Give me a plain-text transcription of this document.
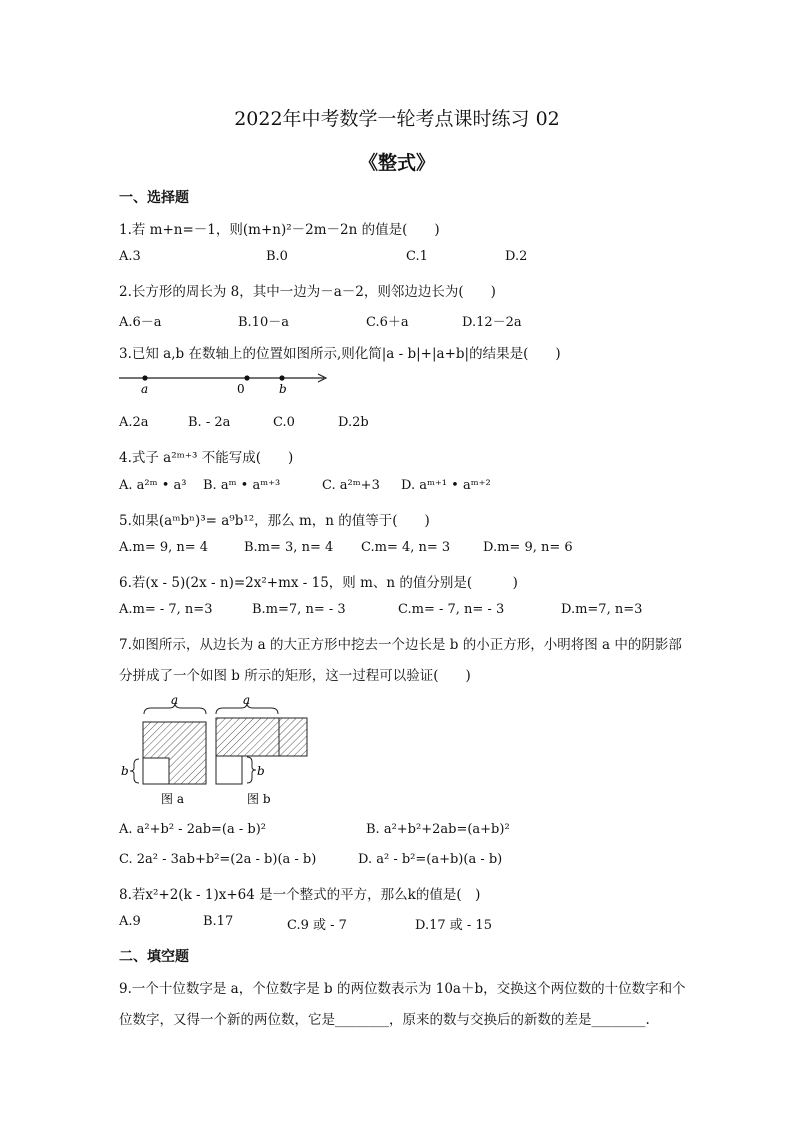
2022年中考数学一轮考点课时练习 02
《整式》
一、选择题
1.若 m+n=－1，则(m+n)²－2m－2n 的值是(　　)
A.3	B.0	C.1	D.2
2.长方形的周长为 8，其中一边为－a－2，则邻边边长为(　　)
A.6－a	B.10－a	C.6＋a	D.12－2a
3.已知 a,b 在数轴上的位置如图所示,则化简|a - b|+|a+b|的结果是(　　)
a	0	b
A.2a	B. - 2a	C.0	D.2b
4.式子 a²ᵐ⁺³ 不能写成(　　)
A. a²ᵐ • a³ B. aᵐ • aᵐ⁺³	C. a²ᵐ+3 D. aᵐ⁺¹ • aᵐ⁺²
5.如果(aᵐbⁿ)³= a⁹b¹²，那么 m，n 的值等于(　　)
A.m= 9, n= 4	B.m= 3, n= 4 C.m= 4, n= 3	D.m= 9, n= 6
6.若(x - 5)(2x - n)=2x²+mx - 15，则 m、n 的值分别是(　　　)
A.m= - 7, n=3	B.m=7, n= - 3	C.m= - 7, n= - 3	D.m=7, n=3
7.如图所示，从边长为 a 的大正方形中挖去一个边长是 b 的小正方形，小明将图 a 中的阴影部
分拼成了一个如图 b 所示的矩形，这一过程可以验证(　　)
a
b
图 a
a
b
图 b
A. a²+b² - 2ab=(a - b)²	B. a²+b²+2ab=(a+b)²
C. 2a² - 3ab+b²=(2a - b)(a - b)	D. a² - b²=(a+b)(a - b)
8.若x²+2(k - 1)x+64 是一个整式的平方，那么k的值是(　)
A.9	B.17	C.9 或 - 7	D.17 或 - 15
二、填空题
9.一个十位数字是 a，个位数字是 b 的两位数表示为 10a＋b，交换这个两位数的十位数字和个
位数字，又得一个新的两位数，它是________，原来的数与交换后的新数的差是________.
